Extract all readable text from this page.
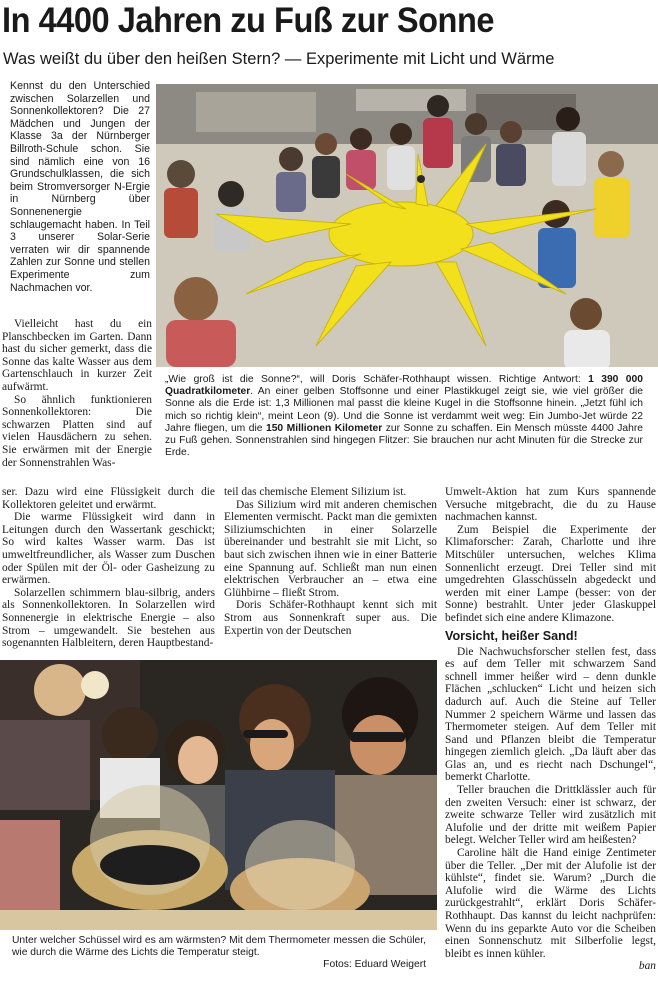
In 4400 Jahren zu Fuß zur Sonne
Was weißt du über den heißen Stern? — Experimente mit Licht und Wärme

Kennst du den Unterschied zwischen Solarzellen und Sonnenkollektoren? Die 27 Mädchen und Jungen der Klasse 3a der Nürnberger Billroth-Schule schon. Sie sind nämlich eine von 16 Grundschulklassen, die sich beim Stromversorger N-Ergie in Nürnberg über Sonnenenergie schlaugemacht haben. In Teil 3 unserer Solar-Serie verraten wir dir spannende Zahlen zur Sonne und stellen Experimente zum Nachmachen vor.

„Wie groß ist die Sonne?“, will Doris Schäfer-Rothhaupt wissen. Richtige Antwort: 1 390 000 Quadratkilometer. An einer gelben Stoffsonne und einer Plastikkugel zeigt sie, wie viel größer die Sonne als die Erde ist: 1,3 Millionen mal passt die kleine Kugel in die Stoffsonne hinein. „Jetzt fühl ich mich so richtig klein“, meint Leon (9). Und die Sonne ist verdammt weit weg: Ein Jumbo-Jet würde 22 Jahre fliegen, um die 150 Millionen Kilometer zur Sonne zu schaffen. Ein Mensch müsste 4400 Jahre zu Fuß gehen. Sonnenstrahlen sind hingegen Flitzer: Sie brauchen nur acht Minuten für die Strecke zur Erde.

Vielleicht hast du ein Planschbecken im Garten. Dann hast du sicher gemerkt, dass die Sonne das kalte Wasser aus dem Gartenschlauch in kurzer Zeit aufwärmt.

So ähnlich funktionieren Sonnenkollektoren: Die schwarzen Platten sind auf vielen Hausdächern zu sehen. Sie erwärmen mit der Energie der Sonnenstrahlen Was-

ser. Dazu wird eine Flüssigkeit durch die Kollektoren geleitet und erwärmt.

Die warme Flüssigkeit wird dann in Leitungen durch den Wassertank geschickt; So wird kaltes Wasser warm. Das ist umweltfreundlicher, als Wasser zum Duschen oder Spülen mit der Öl- oder Gasheizung zu erwärmen.

Solarzellen schimmern blau-silbrig, anders als Sonnenkollektoren. In Solarzellen wird Sonnenergie in elektrische Energie – also Strom – umgewandelt. Sie bestehen aus sogenannten Halbleitern, deren Hauptbestand-

teil das chemische Element Silizium ist.

Das Silizium wird mit anderen chemischen Elementen vermischt. Packt man die gemixten Siliziumschichten in einer Solarzelle übereinander und bestrahlt sie mit Licht, so baut sich zwischen ihnen wie in einer Batterie eine Spannung auf. Schließt man nun einen elektrischen Verbraucher an – etwa eine Glühbirne – fließt Strom.

Doris Schäfer-Rothhaupt kennt sich mit Strom aus Sonnenkraft super aus. Die Expertin von der Deutschen

Umwelt-Aktion hat zum Kurs spannende Versuche mitgebracht, die du zu Hause nachmachen kannst.

Zum Beispiel die Experimente der Klimaforscher: Zarah, Charlotte und ihre Mitschüler untersuchen, welches Klima Sonnenlicht erzeugt. Drei Teller sind mit umgedrehten Glasschüsseln abgedeckt und werden mit einer Lampe (besser: von der Sonne) bestrahlt. Unter jeder Glaskuppel befindet sich eine andere Klimazone.

Vorsicht, heißer Sand!

Die Nachwuchsforscher stellen fest, dass es auf dem Teller mit schwarzem Sand schnell immer heißer wird – denn dunkle Flächen „schlucken“ Licht und heizen sich dadurch auf. Auch die Steine auf Teller Nummer 2 speichern Wärme und lassen das Thermometer steigen. Auf dem Teller mit Sand und Pflanzen bleibt die Temperatur hingegen ziemlich gleich. „Da läuft aber das Glas an, und es riecht nach Dschungel“, bemerkt Charlotte.

Teller brauchen die Drittklässler auch für den zweiten Versuch: einer ist schwarz, der zweite schwarze Teller wird zusätzlich mit Alufolie und der dritte mit weißem Papier belegt. Welcher Teller wird am heißesten?

Caroline hält die Hand einige Zentimeter über die Teller. „Der mit der Alufolie ist der kühlste“, findet sie. Warum? „Durch die Alufolie wird die Wärme des Lichts zurückgestrahlt“, erklärt Doris Schäfer-Rothhaupt. Das kannst du leicht nachprüfen: Wenn du ins geparkte Auto vor die Scheiben einen Sonnenschutz mit Silberfolie legst, bleibt es innen kühler.

ban
Unter welcher Schüssel wird es am wärmsten? Mit dem Thermometer messen die Schüler, wie durch die Wärme des Lichts die Temperatur steigt.
Fotos: Eduard Weigert
